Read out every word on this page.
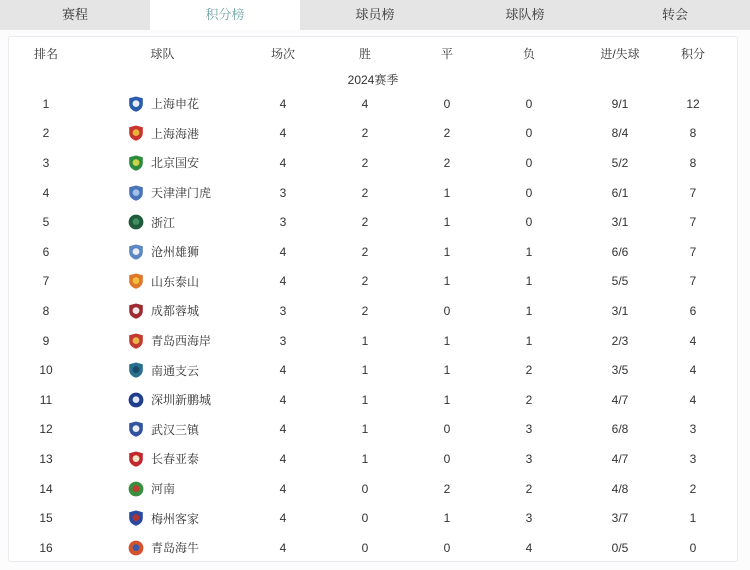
赛程	积分榜	球员榜	球队榜	转会
排名	球队	场次	胜	平	负	进/失球	积分
2024赛季
1	上海申花	4	4	0	0	9/1	12
2	上海海港	4	2	2	0	8/4	8
3	北京国安	4	2	2	0	5/2	8
4	天津津门虎	3	2	1	0	6/1	7
5	浙江	3	2	1	0	3/1	7
6	沧州雄狮	4	2	1	1	6/6	7
7	山东泰山	4	2	1	1	5/5	7
8	成都蓉城	3	2	0	1	3/1	6
9	青岛西海岸	3	1	1	1	2/3	4
10	南通支云	4	1	1	2	3/5	4
11	深圳新鹏城	4	1	1	2	4/7	4
12	武汉三镇	4	1	0	3	6/8	3
13	长春亚泰	4	1	0	3	4/7	3
14	河南	4	0	2	2	4/8	2
15	梅州客家	4	0	1	3	3/7	1
16	青岛海牛	4	0	0	4	0/5	0
